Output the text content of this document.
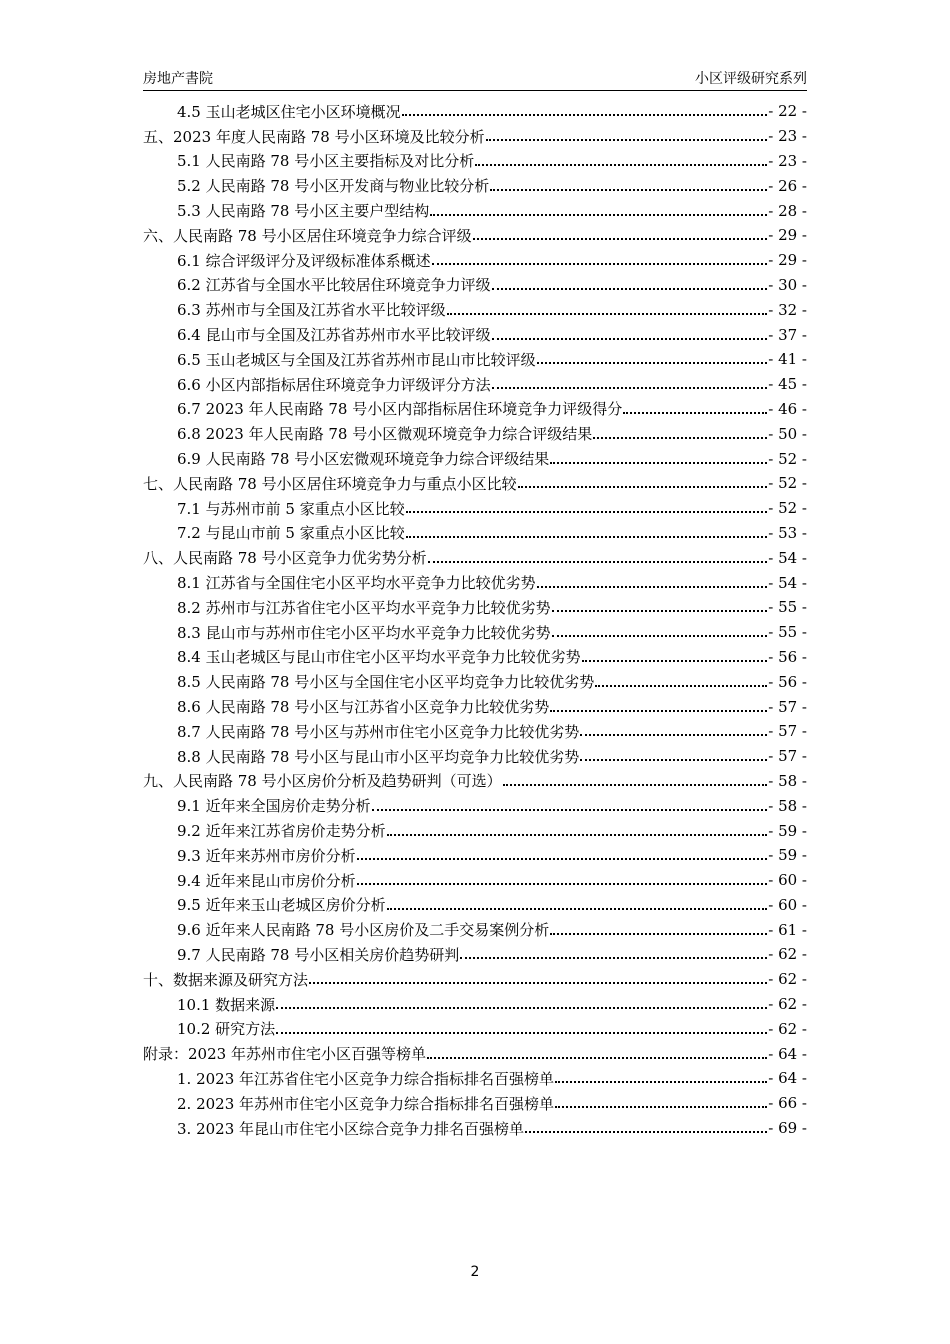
房地产書院	小区评级研究系列
4.5 玉山老城区住宅小区环境概况	- 22 -
五、2023 年度人民南路 78 号小区环境及比较分析	- 23 -
5.1 人民南路 78 号小区主要指标及对比分析	- 23 -
5.2 人民南路 78 号小区开发商与物业比较分析	- 26 -
5.3 人民南路 78 号小区主要户型结构	- 28 -
六、人民南路 78 号小区居住环境竞争力综合评级	- 29 -
6.1 综合评级评分及评级标准体系概述	- 29 -
6.2 江苏省与全国水平比较居住环境竞争力评级	- 30 -
6.3 苏州市与全国及江苏省水平比较评级	- 32 -
6.4 昆山市与全国及江苏省苏州市水平比较评级	- 37 -
6.5 玉山老城区与全国及江苏省苏州市昆山市比较评级	- 41 -
6.6 小区内部指标居住环境竞争力评级评分方法	- 45 -
6.7 2023 年人民南路 78 号小区内部指标居住环境竞争力评级得分	- 46 -
6.8 2023 年人民南路 78 号小区微观环境竞争力综合评级结果	- 50 -
6.9 人民南路 78 号小区宏微观环境竞争力综合评级结果	- 52 -
七、人民南路 78 号小区居住环境竞争力与重点小区比较	- 52 -
7.1 与苏州市前 5 家重点小区比较	- 52 -
7.2 与昆山市前 5 家重点小区比较	- 53 -
八、人民南路 78 号小区竞争力优劣势分析	- 54 -
8.1 江苏省与全国住宅小区平均水平竞争力比较优劣势	- 54 -
8.2 苏州市与江苏省住宅小区平均水平竞争力比较优劣势	- 55 -
8.3 昆山市与苏州市住宅小区平均水平竞争力比较优劣势	- 55 -
8.4 玉山老城区与昆山市住宅小区平均水平竞争力比较优劣势	- 56 -
8.5 人民南路 78 号小区与全国住宅小区平均竞争力比较优劣势	- 56 -
8.6 人民南路 78 号小区与江苏省小区竞争力比较优劣势	- 57 -
8.7 人民南路 78 号小区与苏州市住宅小区竞争力比较优劣势	- 57 -
8.8 人民南路 78 号小区与昆山市小区平均竞争力比较优劣势	- 57 -
九、人民南路 78 号小区房价分析及趋势研判（可选）	- 58 -
9.1 近年来全国房价走势分析	- 58 -
9.2 近年来江苏省房价走势分析	- 59 -
9.3 近年来苏州市房价分析	- 59 -
9.4 近年来昆山市房价分析	- 60 -
9.5 近年来玉山老城区房价分析	- 60 -
9.6 近年来人民南路 78 号小区房价及二手交易案例分析	- 61 -
9.7 人民南路 78 号小区相关房价趋势研判	- 62 -
十、数据来源及研究方法	- 62 -
10.1 数据来源	- 62 -
10.2 研究方法	- 62 -
附录：2023 年苏州市住宅小区百强等榜单	- 64 -
1. 2023 年江苏省住宅小区竞争力综合指标排名百强榜单	- 64 -
2. 2023 年苏州市住宅小区竞争力综合指标排名百强榜单	- 66 -
3. 2023 年昆山市住宅小区综合竞争力排名百强榜单	- 69 -
2
